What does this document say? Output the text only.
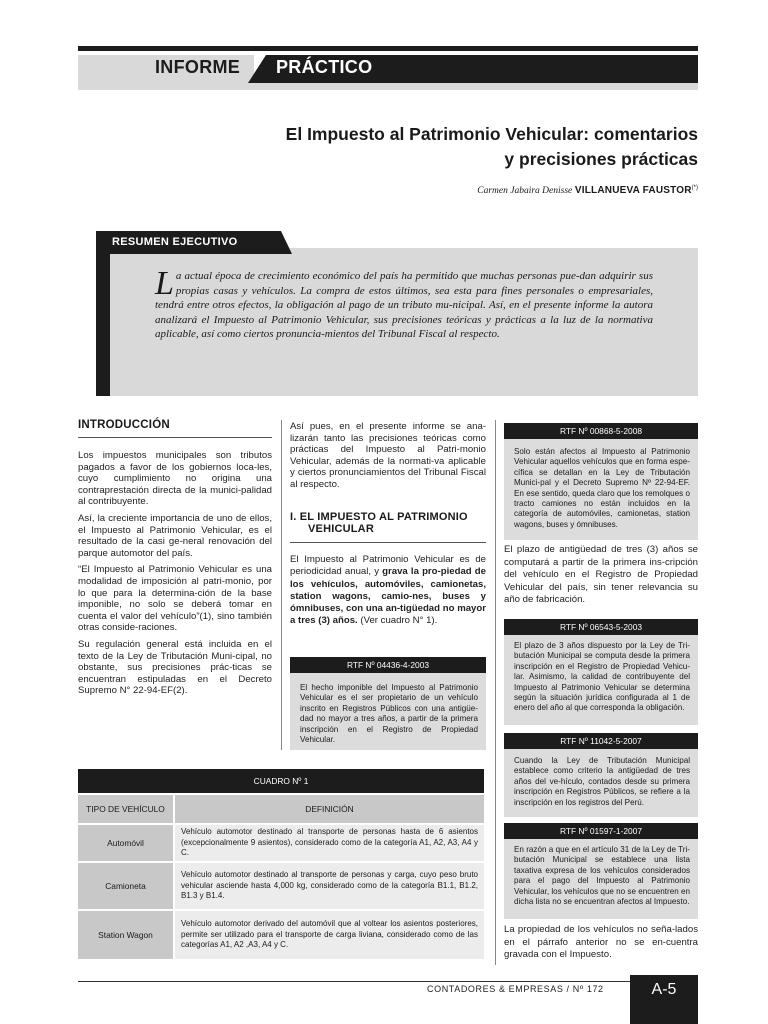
INFORME PRÁCTICO
El Impuesto al Patrimonio Vehicular: comentarios
y precisiones prácticas
Carmen Jabaira Denisse VILLANUEVA FAUSTOR(*)
RESUMEN EJECUTIVO
La actual época de crecimiento económico del país ha permitido que muchas personas pue-dan adquirir sus propias casas y vehículos. La compra de estos últimos, sea esta para fines personales o empresariales, tendrá entre otros efectos, la obligación al pago de un tributo mu-nicipal. Así, en el presente informe la autora analizará el Impuesto al Patrimonio Vehicular, sus precisiones teóricas y prácticas a la luz de la normativa aplicable, así como ciertos pronuncia-mientos del Tribunal Fiscal al respecto.
INTRODUCCIÓN

Los impuestos municipales son tributos pagados a favor de los gobiernos loca-les, cuyo cumplimiento no origina una contraprestación directa de la munici-palidad al contribuyente.

Así, la creciente importancia de uno de ellos, el Impuesto al Patrimonio Vehicular, es el resultado de la casi ge-neral renovación del parque automotor del país.

“El Impuesto al Patrimonio Vehicular es una modalidad de imposición al patri-monio, por lo que para la determina-ción de la base imponible, no solo se deberá tomar en cuenta el valor del vehículo”(1), sino también otras conside-raciones.

Su regulación general está incluida en el texto de la Ley de Tributación Muni-cipal, no obstante, sus precisiones prác-ticas se encuentran estipuladas en el Decreto Supremo N° 22-94-EF(2).

Así pues, en el presente informe se ana-lizarán tanto las precisiones teóricas como prácticas del Impuesto al Patri-monio Vehicular, además de la normati-va aplicable y ciertos pronunciamientos del Tribunal Fiscal al respecto.

I. EL IMPUESTO AL PATRIMONIO
VEHICULAR

El Impuesto al Patrimonio Vehicular es de periodicidad anual, y grava la pro-piedad de los vehículos, automóviles, camionetas, station wagons, camio-nes, buses y ómnibuses, con una an-tigüedad no mayor a tres (3) años. (Ver cuadro N° 1).

RTF Nº 04436-4-2003
El hecho imponible del Impuesto al Patrimonio Vehicular es el ser propietario de un vehículo inscrito en Registros Públicos con una antigüe-dad no mayor a tres años, a partir de la primera inscripción en el Registro de Propiedad Vehicular.
RTF Nº 00868-5-2008
Solo están afectos al Impuesto al Patrimonio Vehicular aquellos vehículos que en forma espe-cífica se detallan en la Ley de Tributación Munici-pal y el Decreto Supremo Nº 22-94-EF. En ese sentido, queda claro que los remolques o tracto camiones no están incluidos en la categoría de automóviles, camionetas, station wagons, buses y ómnibuses.
El plazo de antigüedad de tres (3) años se computará a partir de la primera ins-cripción del vehículo en el Registro de Propiedad Vehicular del país, sin tener relevancia su año de fabricación.
RTF Nº 06543-5-2003
El plazo de 3 años dispuesto por la Ley de Tri-butación Municipal se computa desde la primera inscripción en el Registro de Propiedad Vehicu-lar. Asimismo, la calidad de contribuyente del Impuesto al Patrimonio Vehicular se determina según la situación jurídica configurada al 1 de enero del año al que corresponda la obligación.
RTF Nº 11042-5-2007
Cuando la Ley de Tributación Municipal establece como criterio la antigüedad de tres años del ve-hículo, contados desde su primera inscripción en Registros Públicos, se refiere a la inscripción en los registros del Perú.
RTF Nº 01597-1-2007
En razón a que en el artículo 31 de la Ley de Tri-butación Municipal se establece una lista taxativa expresa de los vehículos considerados para el pago del Impuesto al Patrimonio Vehicular, los vehículos que no se encuentren en dicha lista no se encuentran afectos al Impuesto.
La propiedad de los vehículos no seña-lados en el párrafo anterior no se en-cuentra gravada con el Impuesto.
CUADRO Nº 1
TIPO DE VEHÍCULO	DEFINICIÓN
Automóvil
Vehículo automotor destinado al transporte de personas hasta de 6 asientos (excepcionalmente 9 asientos), considerado como de la categoría A1, A2, A3, A4 y C.
Camioneta
Vehículo automotor destinado al transporte de personas y carga, cuyo peso bruto vehicular asciende hasta 4,000 kg, considerado como de la categoría B1.1, B1.2, B1.3 y B1.4.
Station Wagon
Vehículo automotor derivado del automóvil que al voltear los asientos posteriores, permite ser utilizado para el transporte de carga liviana, considerado como de las categorías A1, A2 ,A3, A4 y C.
CONTADORES & EMPRESAS / Nº 172	A-5
